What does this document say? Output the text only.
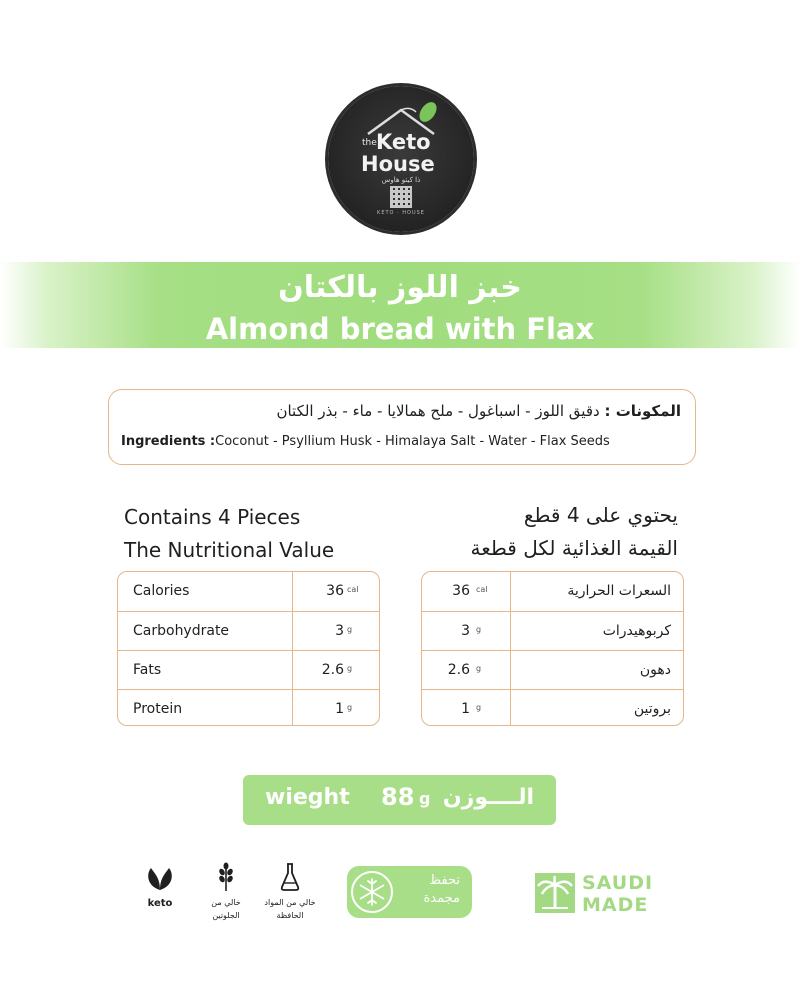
the Keto
House
ذا كيتو هاوس
KETO · HOUSE
خبز اللوز بالكتان
Almond bread with Flax
المكونات : دقيق اللوز - اسباغول - ملح همالايا - ماء - بذر الكتان
Ingredients :Coconut - Psyllium Husk - Himalaya Salt - Water - Flax Seeds
Contains 4 Pieces
The Nutritional Value
يحتوي على 4 قطع
القيمة الغذائية لكل قطعة
Calories	36 cal
Carbohydrate	3 g
Fats	2.6 g
Protein	1 g
36 cal	السعرات الحرارية
3 g	كربوهيدرات
2.6 g	دهون
1 g	بروتين
wieght 88 g الــــوزن
keto	خالي من
الجلوتين
خالي من المواد
الحافظة
تحفظ
مجمدة
SAUDI
MADE
